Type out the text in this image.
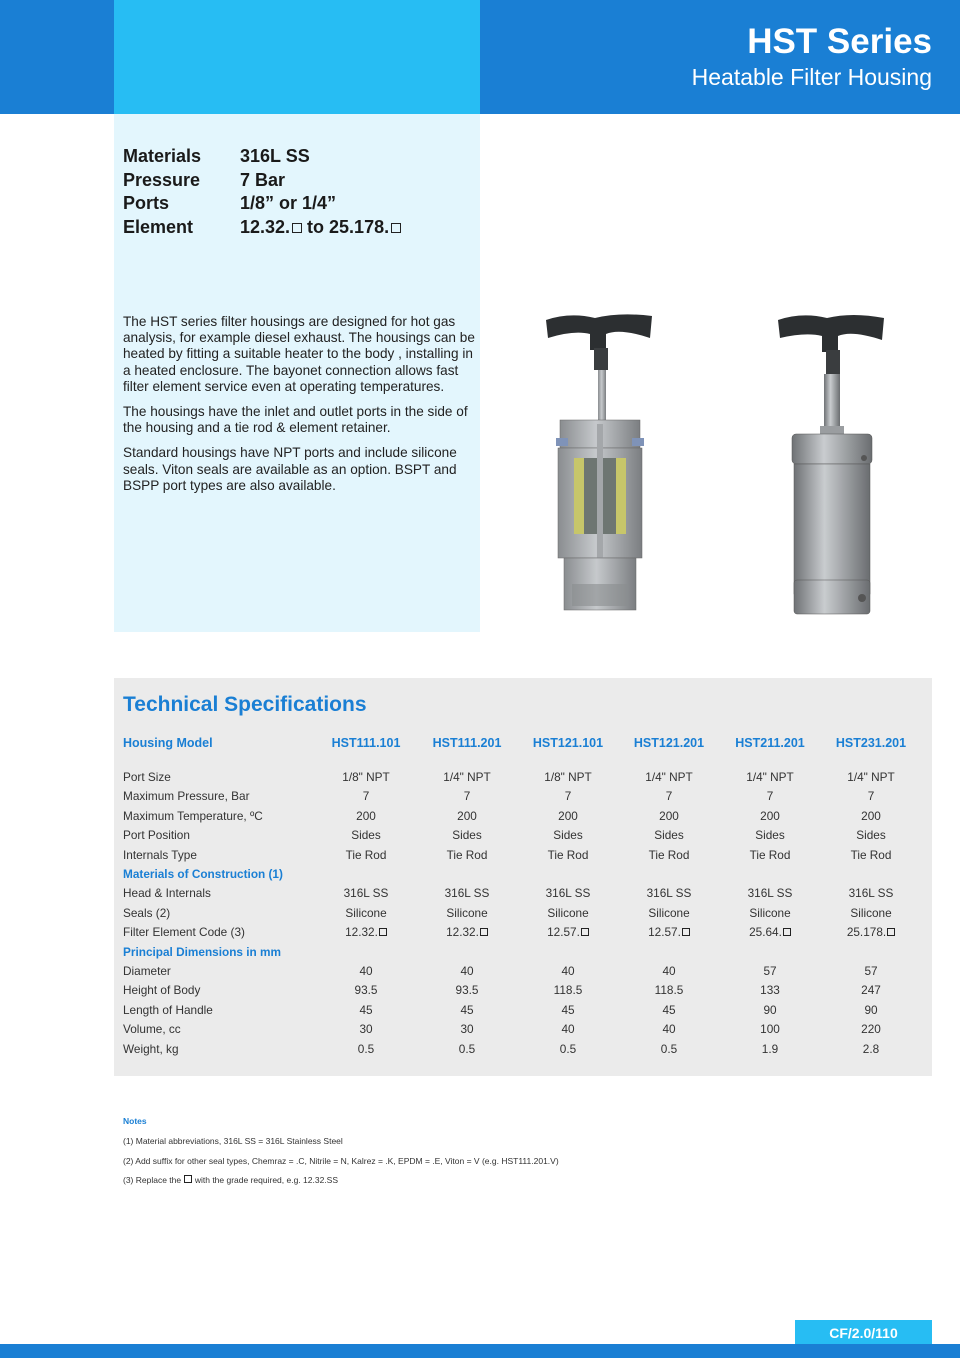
HST Series
Heatable Filter Housing
Materials	316L SS
Pressure	7 Bar
Ports	1/8” or 1/4”
Element	12.32. to 25.178.

The HST series filter housings are designed for hot gas analysis, for example diesel exhaust. The housings can be heated by fitting a suitable heater to the body , installing in a heated enclosure. The bayonet connection allows fast filter element service even at operating temperatures.

The housings have the inlet and outlet ports in the side of the housing and a tie rod & element retainer.

Standard housings have NPT ports and include silicone seals. Viton seals are available as an option. BSPT and BSPP port types are also available.

Technical Specifications
Housing Model	HST111.101	HST111.201	HST121.101	HST121.201	HST211.201	HST231.201
Port Size	1/8" NPT	1/4" NPT	1/8" NPT	1/4" NPT	1/4" NPT	1/4" NPT
Maximum Pressure, Bar	7	7	7	7	7	7
Maximum Temperature, ºC	200	200	200	200	200	200
Port Position	Sides	Sides	Sides	Sides	Sides	Sides
Internals Type	Tie Rod	Tie Rod	Tie Rod	Tie Rod	Tie Rod	Tie Rod
Materials of Construction (1)
Head & Internals	316L SS	316L SS	316L SS	316L SS	316L SS	316L SS
Seals (2)	Silicone	Silicone	Silicone	Silicone	Silicone	Silicone
Filter Element Code (3)	12.32.	12.32.	12.57.	12.57.	25.64.	25.178.
Principal Dimensions in mm
Diameter	40	40	40	40	57	57
Height of Body	93.5	93.5	118.5	118.5	133	247
Length of Handle	45	45	45	45	90	90
Volume, cc	30	30	40	40	100	220
Weight, kg	0.5	0.5	0.5	0.5	1.9	2.8
Notes
(1) Material abbreviations, 316L SS = 316L Stainless Steel
(2) Add suffix for other seal types, Chemraz = .C, Nitrile = N, Kalrez = .K, EPDM = .E, Viton = V (e.g. HST111.201.V)
(3) Replace the  with the grade required, e.g. 12.32.SS
CF/2.0/110
